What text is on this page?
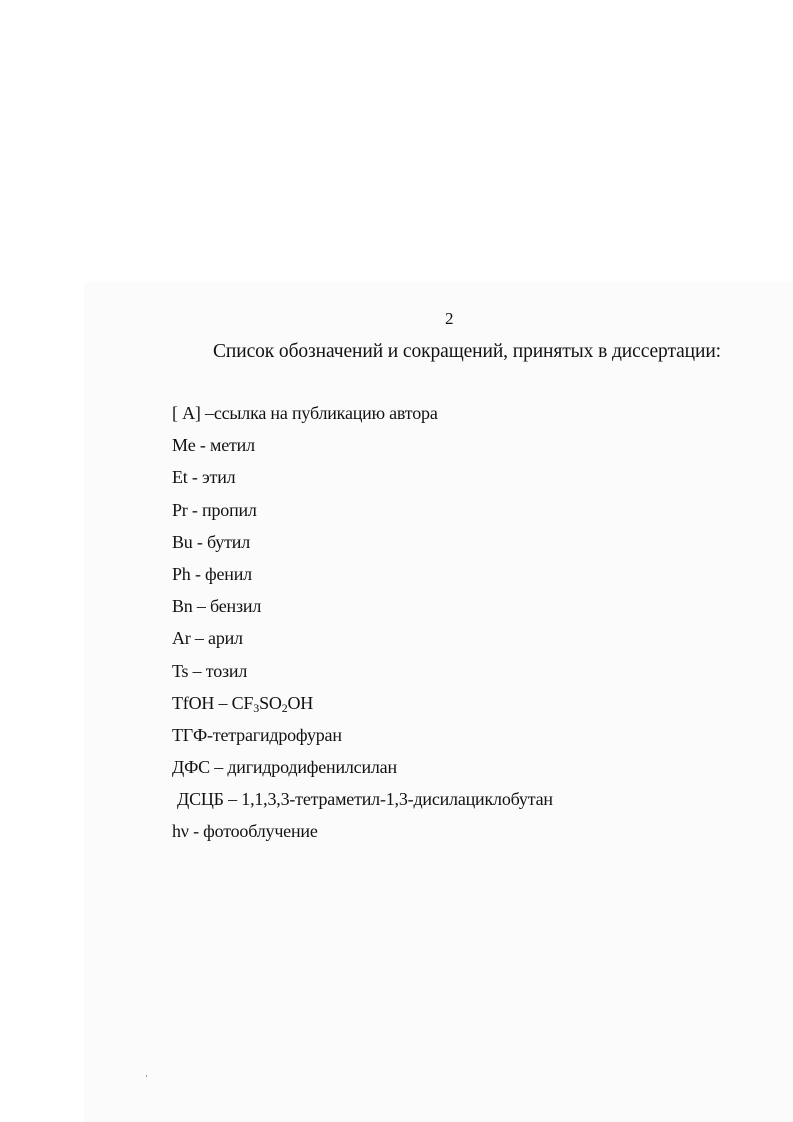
2
Список обозначений и сокращений, принятых в диссертации:
[ А] –ссылка на публикацию автора
Me - метил
Et - этил
Pr - пропил
Bu - бутил
Ph - фенил
Bn – бензил
Ar – арил
Ts – тозил
TfOH – $CF_3SO_2OH$
ТГФ-тетрагидрофуран
ДФС – дигидродифенилсилан
ДСЦБ – 1,1,3,3-тетраметил-1,3-дисилациклобутан
hν - фотооблучение
